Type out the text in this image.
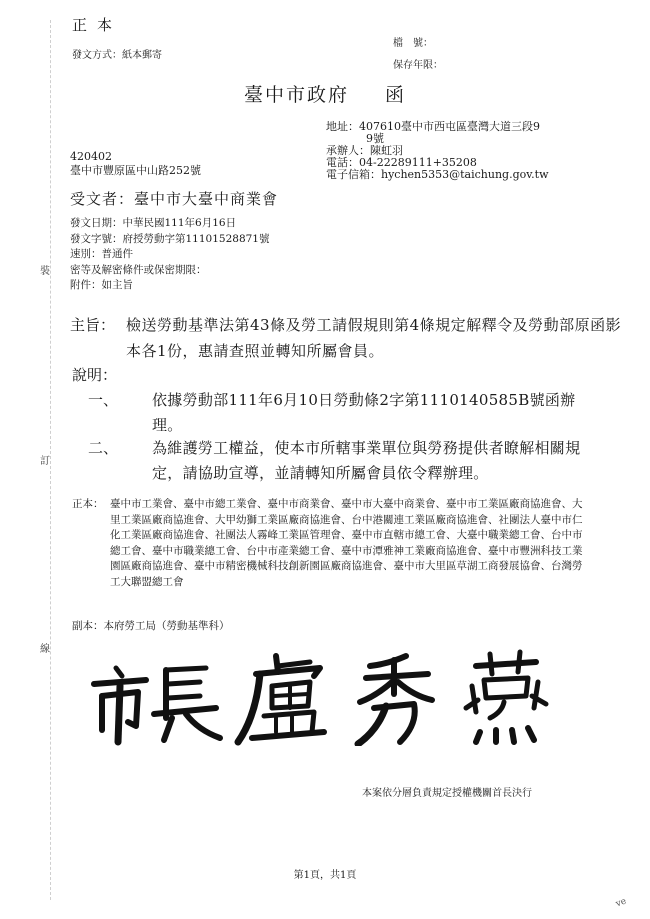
正本
發文方式：紙本郵寄
檔　號：
保存年限：
臺中市政府 函
地址：407610臺中市西屯區臺灣大道三段9
9號
承辦人：陳虹羽
電話：04-22289111+35208
電子信箱：hychen5353@taichung.gov.tw
420402
臺中市豐原區中山路252號
受文者：臺中市大臺中商業會
發文日期：中華民國111年6月16日
發文字號：府授勞動字第11101528871號
速別：普通件
密等及解密條件或保密期限：
附件：如主旨
裝
訂
線
主旨： 檢送勞動基準法第43條及勞工請假規則第4條規定解釋令及勞動部原函影本各1份，惠請查照並轉知所屬會員。
說明：
一、 依據勞動部111年6月10日勞動條2字第1110140585B號函辦理。
二、 為維護勞工權益，使本市所轄事業單位與勞務提供者瞭解相關規定，請協助宣導，並請轉知所屬會員依令釋辦理。
正本： 臺中市工業會、臺中市總工業會、臺中市商業會、臺中市大臺中商業會、臺中市工業區廠商協進會、大里工業區廠商協進會、大甲幼獅工業區廠商協進會、台中港關連工業區廠商協進會、社團法人臺中市仁化工業區廠商協進會、社團法人霧峰工業區管理會、臺中市直轄市總工會、大臺中職業總工會、台中市總工會、臺中市職業總工會、台中市產業總工會、臺中市潭雅神工業廠商協進會、臺中市豐洲科技工業園區廠商協進會、臺中市精密機械科技創新園區廠商協進會、臺中市大里區草湖工商發展協會、台灣勞工大聯盟總工會
副本：本府勞工局（勞動基準科）
本案依分層負責規定授權機關首長決行
第1頁，共1頁
ve
